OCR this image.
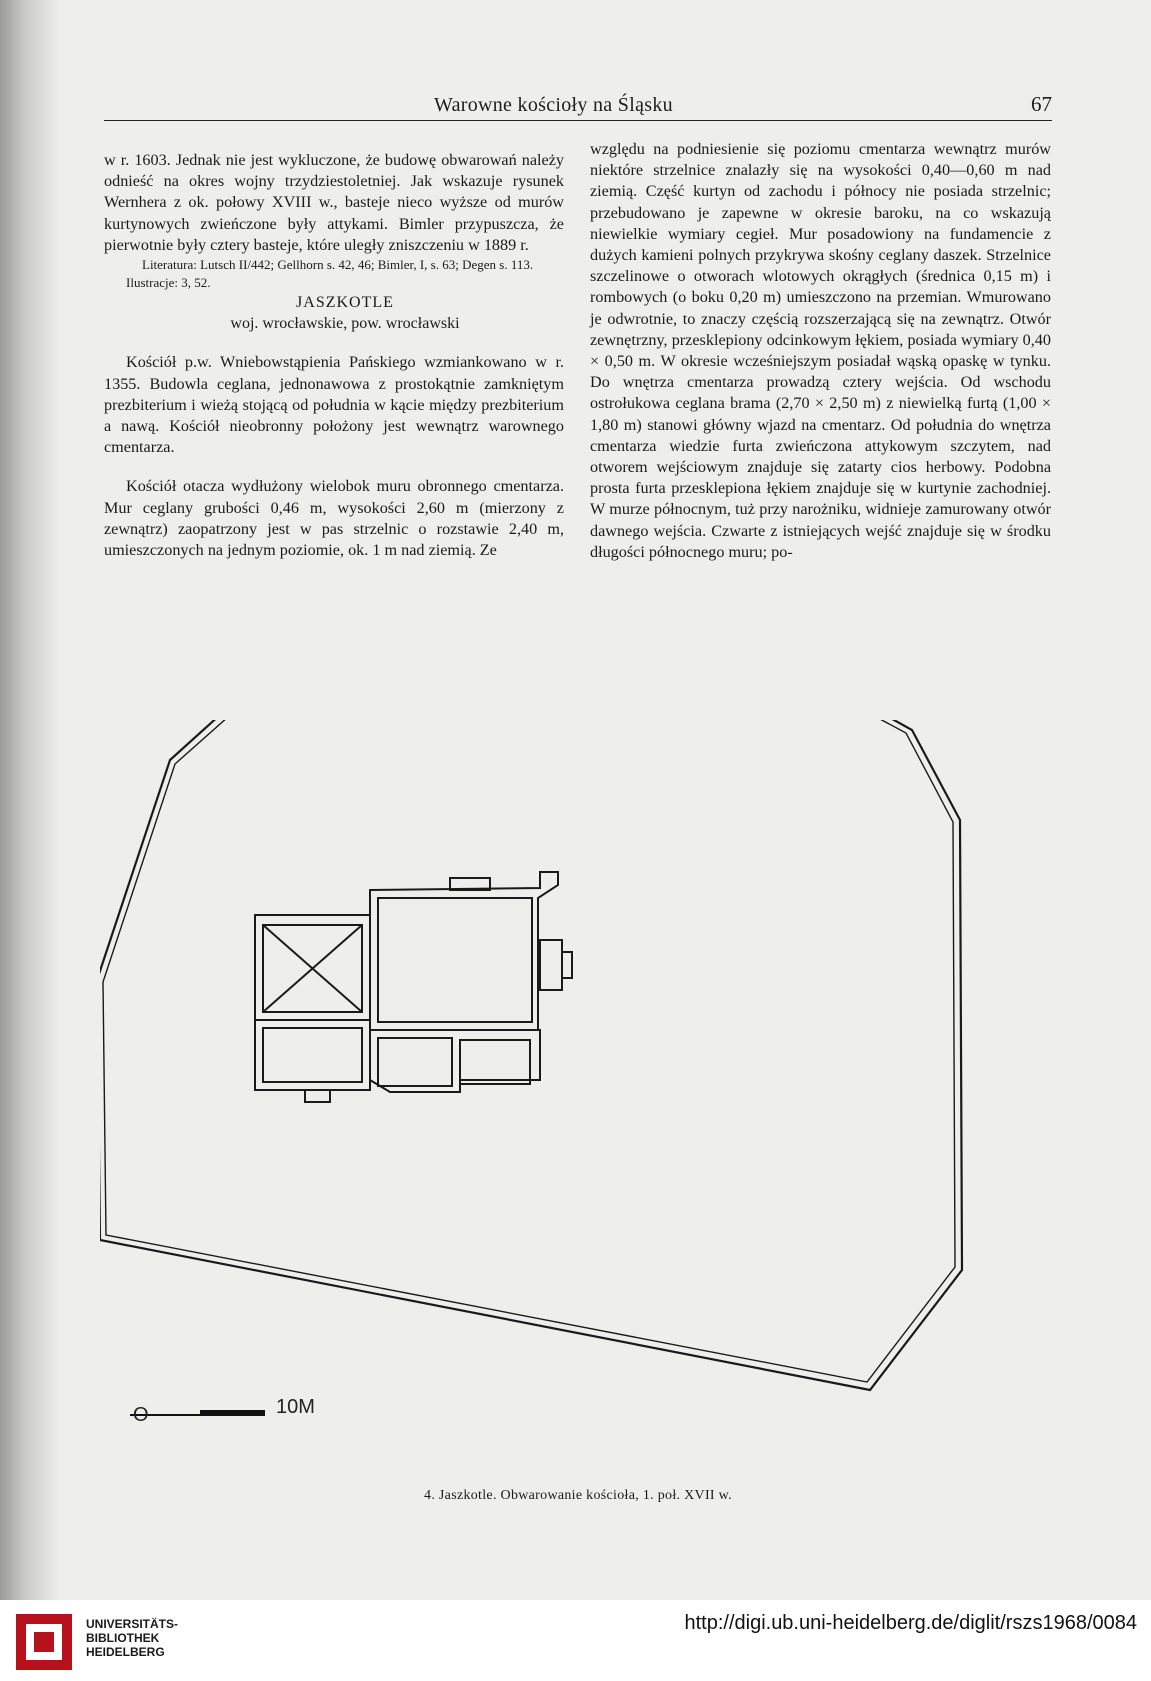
Warowne kościoły na Śląsku	67

w r. 1603. Jednak nie jest wykluczone, że budowę obwarowań należy odnieść na okres wojny trzydziestoletniej. Jak wskazuje rysunek Wernhera z ok. połowy XVIII w., basteje nieco wyższe od murów kurtynowych zwieńczone były attykami. Bimler przypuszcza, że pierwotnie były cztery basteje, które uległy zniszczeniu w 1889 r.

Literatura: Lutsch II/442; Gellhorn s. 42, 46; Bimler, I, s. 63; Degen s. 113.

Ilustracje: 3, 52.

JASZKOTLE

woj. wrocławskie, pow. wrocławski

Kościół p.w. Wniebowstąpienia Pańskiego wzmiankowano w r. 1355. Budowla ceglana, jednonawowa z prostokątnie zamkniętym prezbiterium i wieżą stojącą od południa w kącie między prezbiterium a nawą. Kościół nieobronny położony jest wewnątrz warownego cmentarza.

Kościół otacza wydłużony wielobok muru obronnego cmentarza. Mur ceglany grubości 0,46 m, wysokości 2,60 m (mierzony z zewnątrz) zaopatrzony jest w pas strzelnic o rozstawie 2,40 m, umieszczonych na jednym poziomie, ok. 1 m nad ziemią. Ze

względu na podniesienie się poziomu cmentarza wewnątrz murów niektóre strzelnice znalazły się na wysokości 0,40—0,60 m nad ziemią. Część kurtyn od zachodu i północy nie posiada strzelnic; przebudowano je zapewne w okresie baroku, na co wskazują niewielkie wymiary cegieł. Mur posadowiony na fundamencie z dużych kamieni polnych przykrywa skośny ceglany daszek. Strzelnice szczelinowe o otworach wlotowych okrągłych (średnica 0,15 m) i rombowych (o boku 0,20 m) umieszczono na przemian. Wmurowano je odwrotnie, to znaczy częścią rozszerzającą się na zewnątrz. Otwór zewnętrzny, przesklepiony odcinkowym łękiem, posiada wymiary 0,40 × 0,50 m. W okresie wcześniejszym posiadał wąską opaskę w tynku. Do wnętrza cmentarza prowadzą cztery wejścia. Od wschodu ostrołukowa ceglana brama (2,70 × 2,50 m) z niewielką furtą (1,00 × 1,80 m) stanowi główny wjazd na cmentarz. Od południa do wnętrza cmentarza wiedzie furta zwieńczona attykowym szczytem, nad otworem wejściowym znajduje się zatarty cios herbowy. Podobna prosta furta przesklepiona łękiem znajduje się w kurtynie zachodniej. W murze północnym, tuż przy narożniku, widnieje zamurowany otwór dawnego wejścia. Czwarte z istniejących wejść znajduje się w środku długości północnego muru; po-

O	10M
4. Jaszkotle. Obwarowanie kościoła, 1. poł. XVII w.
UNIVERSITÄTS-
BIBLIOTHEK
HEIDELBERG
http://digi.ub.uni-heidelberg.de/diglit/rszs1968/0084
